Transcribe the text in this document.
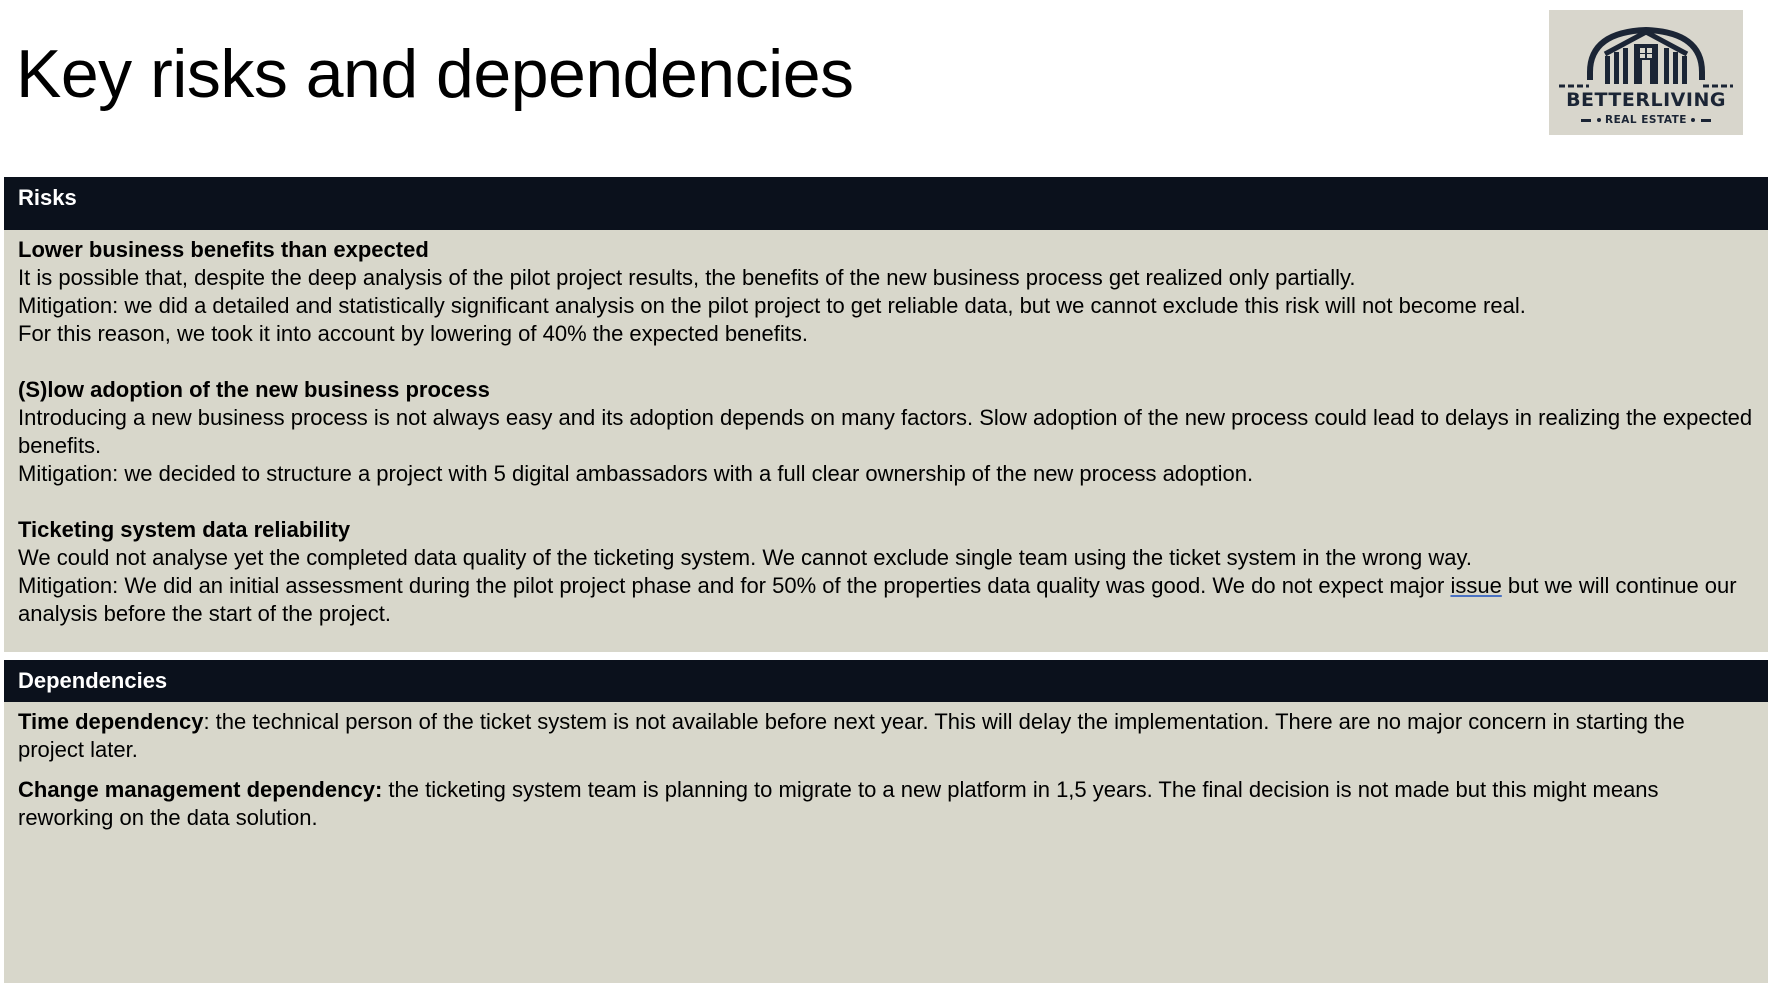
Key risks and dependencies	BETTERLIVING
REAL ESTATE
Risks

Lower business benefits than expected

It is possible that, despite the deep analysis of the pilot project results, the benefits of the new business process get realized only partially.

Mitigation: we did a detailed and statistically significant analysis on the pilot project to get reliable data, but we cannot exclude this risk will not become real.

For this reason, we took it into account by lowering of 40% the expected benefits.

(S)low adoption of the new business process

Introducing a new business process is not always easy and its adoption depends on many factors. Slow adoption of the new process could lead to delays in realizing the expected benefits.

Mitigation: we decided to structure a project with 5 digital ambassadors with a full clear ownership of the new process adoption.

Ticketing system data reliability

We could not analyse yet the completed data quality of the ticketing system. We cannot exclude single team using the ticket system in the wrong way.

Mitigation: We did an initial assessment during the pilot project phase and for 50% of the properties data quality was good. We do not expect major issue but we will continue our analysis before the start of the project.

Dependencies

Time dependency: the technical person of the ticket system is not available before next year. This will delay the implementation. There are no major concern in starting the project later.

Change management dependency: the ticketing system team is planning to migrate to a new platform in 1,5 years. The final decision is not made but this might means reworking on the data solution.
